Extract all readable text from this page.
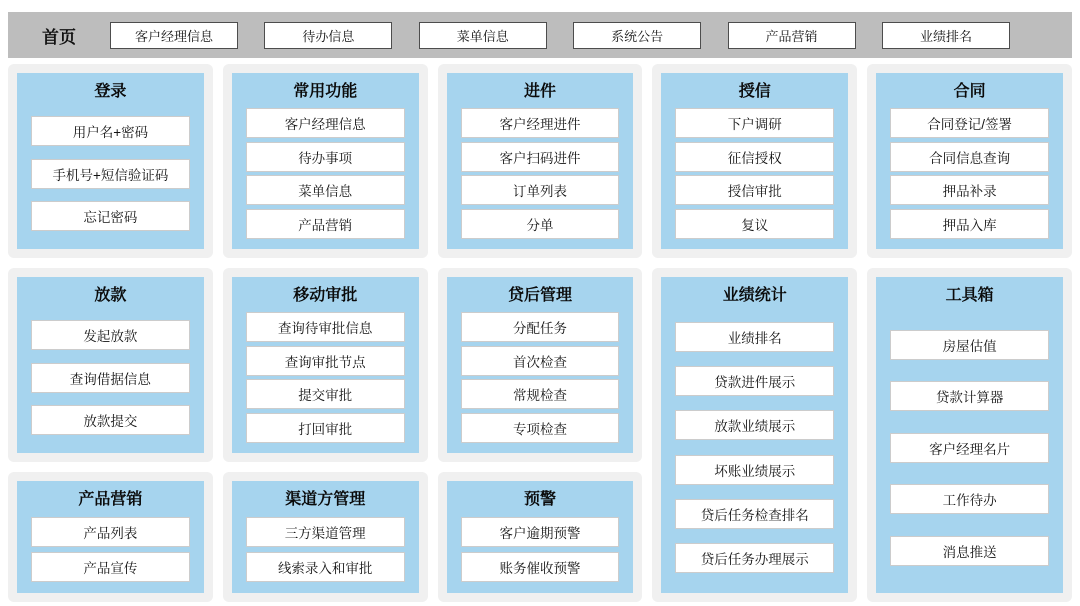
首页	客户经理信息	待办信息	菜单信息	系统公告	产品营销	业绩排名
登录
用户名+密码
手机号+短信验证码
忘记密码
常用功能
客户经理信息
待办事项
菜单信息
产品营销
进件
客户经理进件
客户扫码进件
订单列表
分单
授信
下户调研
征信授权
授信审批
复议
合同
合同登记/签署
合同信息查询
押品补录
押品入库
放款
发起放款
查询借据信息
放款提交
移动审批
查询待审批信息
查询审批节点
提交审批
打回审批
贷后管理
分配任务
首次检查
常规检查
专项检查
业绩统计
业绩排名
贷款进件展示
放款业绩展示
坏账业绩展示
贷后任务检查排名
贷后任务办理展示
工具箱
房屋估值
贷款计算器
客户经理名片
工作待办
消息推送
产品营销
产品列表
产品宣传
渠道方管理
三方渠道管理
线索录入和审批
预警
客户逾期预警
账务催收预警
